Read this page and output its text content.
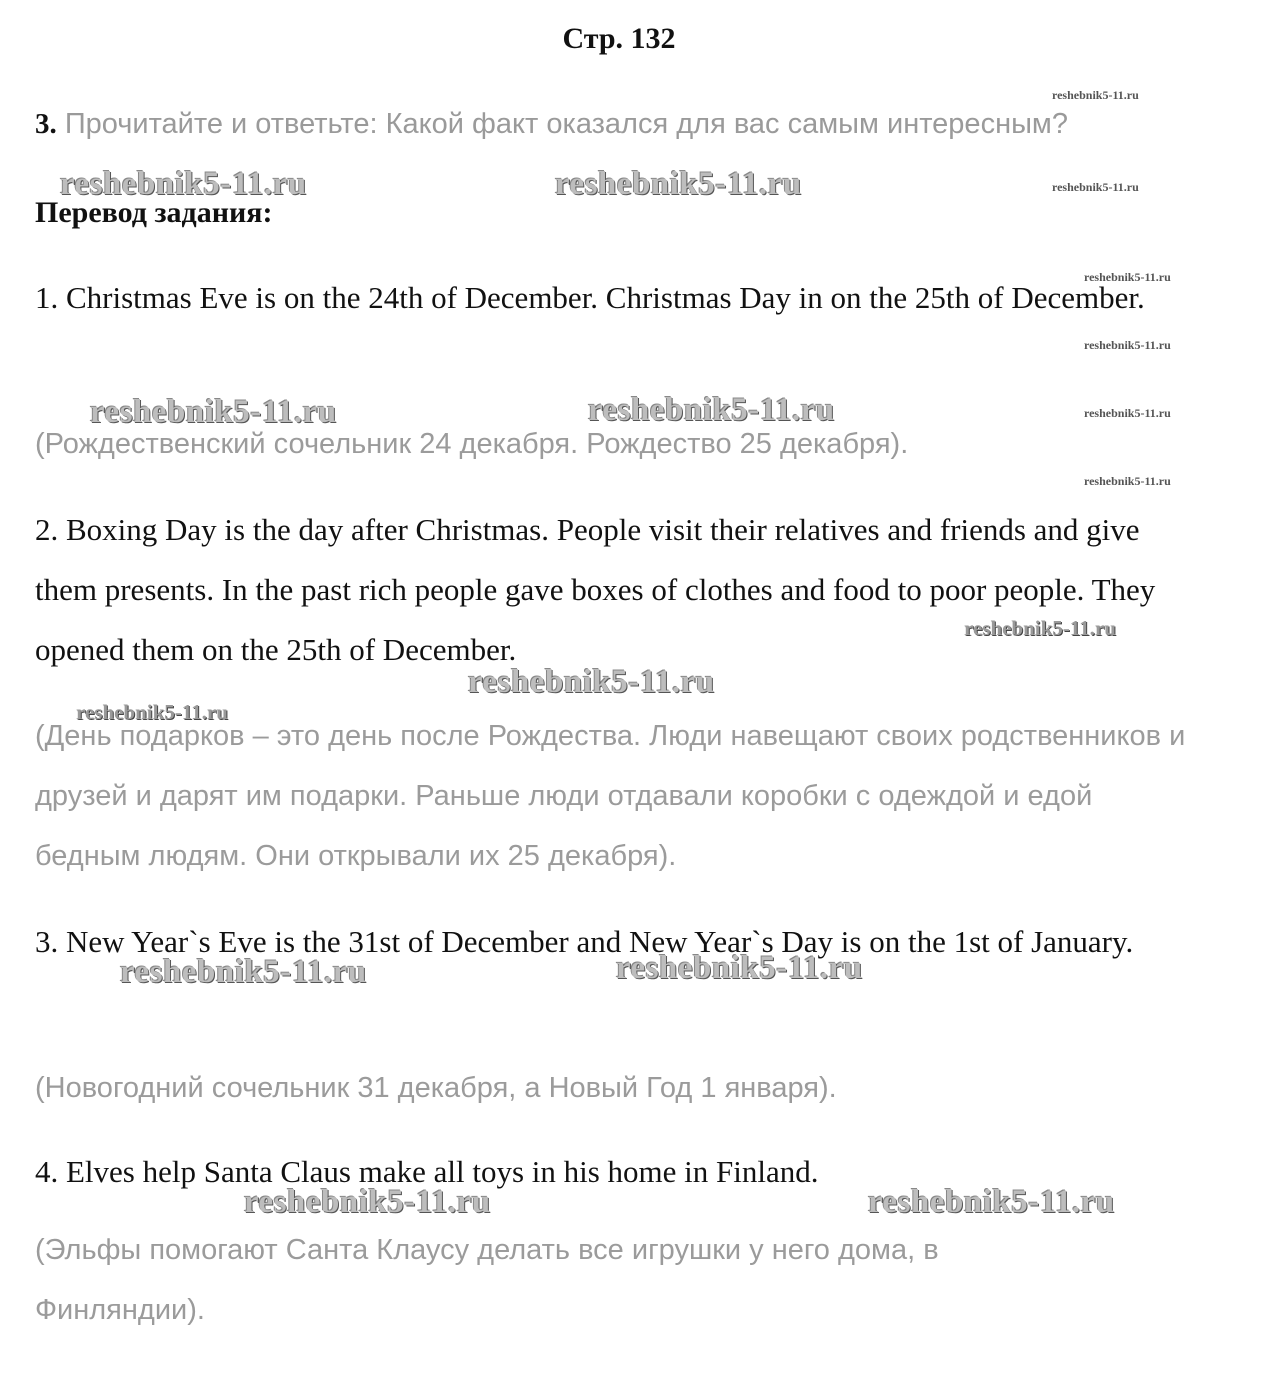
Стр. 132
3. Прочитайте и ответьте: Какой факт оказался для вас самым интересным?
Перевод задания:
1. Christmas Eve is on the 24th of December. Christmas Day in on the 25th of December.
(Рождественский сочельник 24 декабря. Рождество 25 декабря).
2. Boxing Day is the day after Christmas. People visit their relatives and friends and give them presents. In the past rich people gave boxes of clothes and food to poor people. They opened them on the 25th of December.
(День подарков – это день после Рождества. Люди навещают своих родственников и друзей и дарят им подарки. Раньше люди отдавали коробки с одеждой и едой бедным людям. Они открывали их 25 декабря).
3. New Year`s Eve is the 31st of December and New Year`s Day is on the 1st of January.
(Новогодний сочельник 31 декабря, а Новый Год 1 января).
4. Elves help Santa Claus make all toys in his home in Finland.
(Эльфы помогают Санта Клаусу делать все игрушки у него дома, в Финляндии).
reshebnik5-11.ru	reshebnik5-11.ru
reshebnik5-11.ru	reshebnik5-11.ru
reshebnik5-11.ru
reshebnik5-11.ru	reshebnik5-11.ru
reshebnik5-11.ru	reshebnik5-11.ru
reshebnik5-11.ru
reshebnik5-11.ru
reshebnik5-11.ru
reshebnik5-11.ru
reshebnik5-11.ru
reshebnik5-11.ru
reshebnik5-11.ru
reshebnik5-11.ru
